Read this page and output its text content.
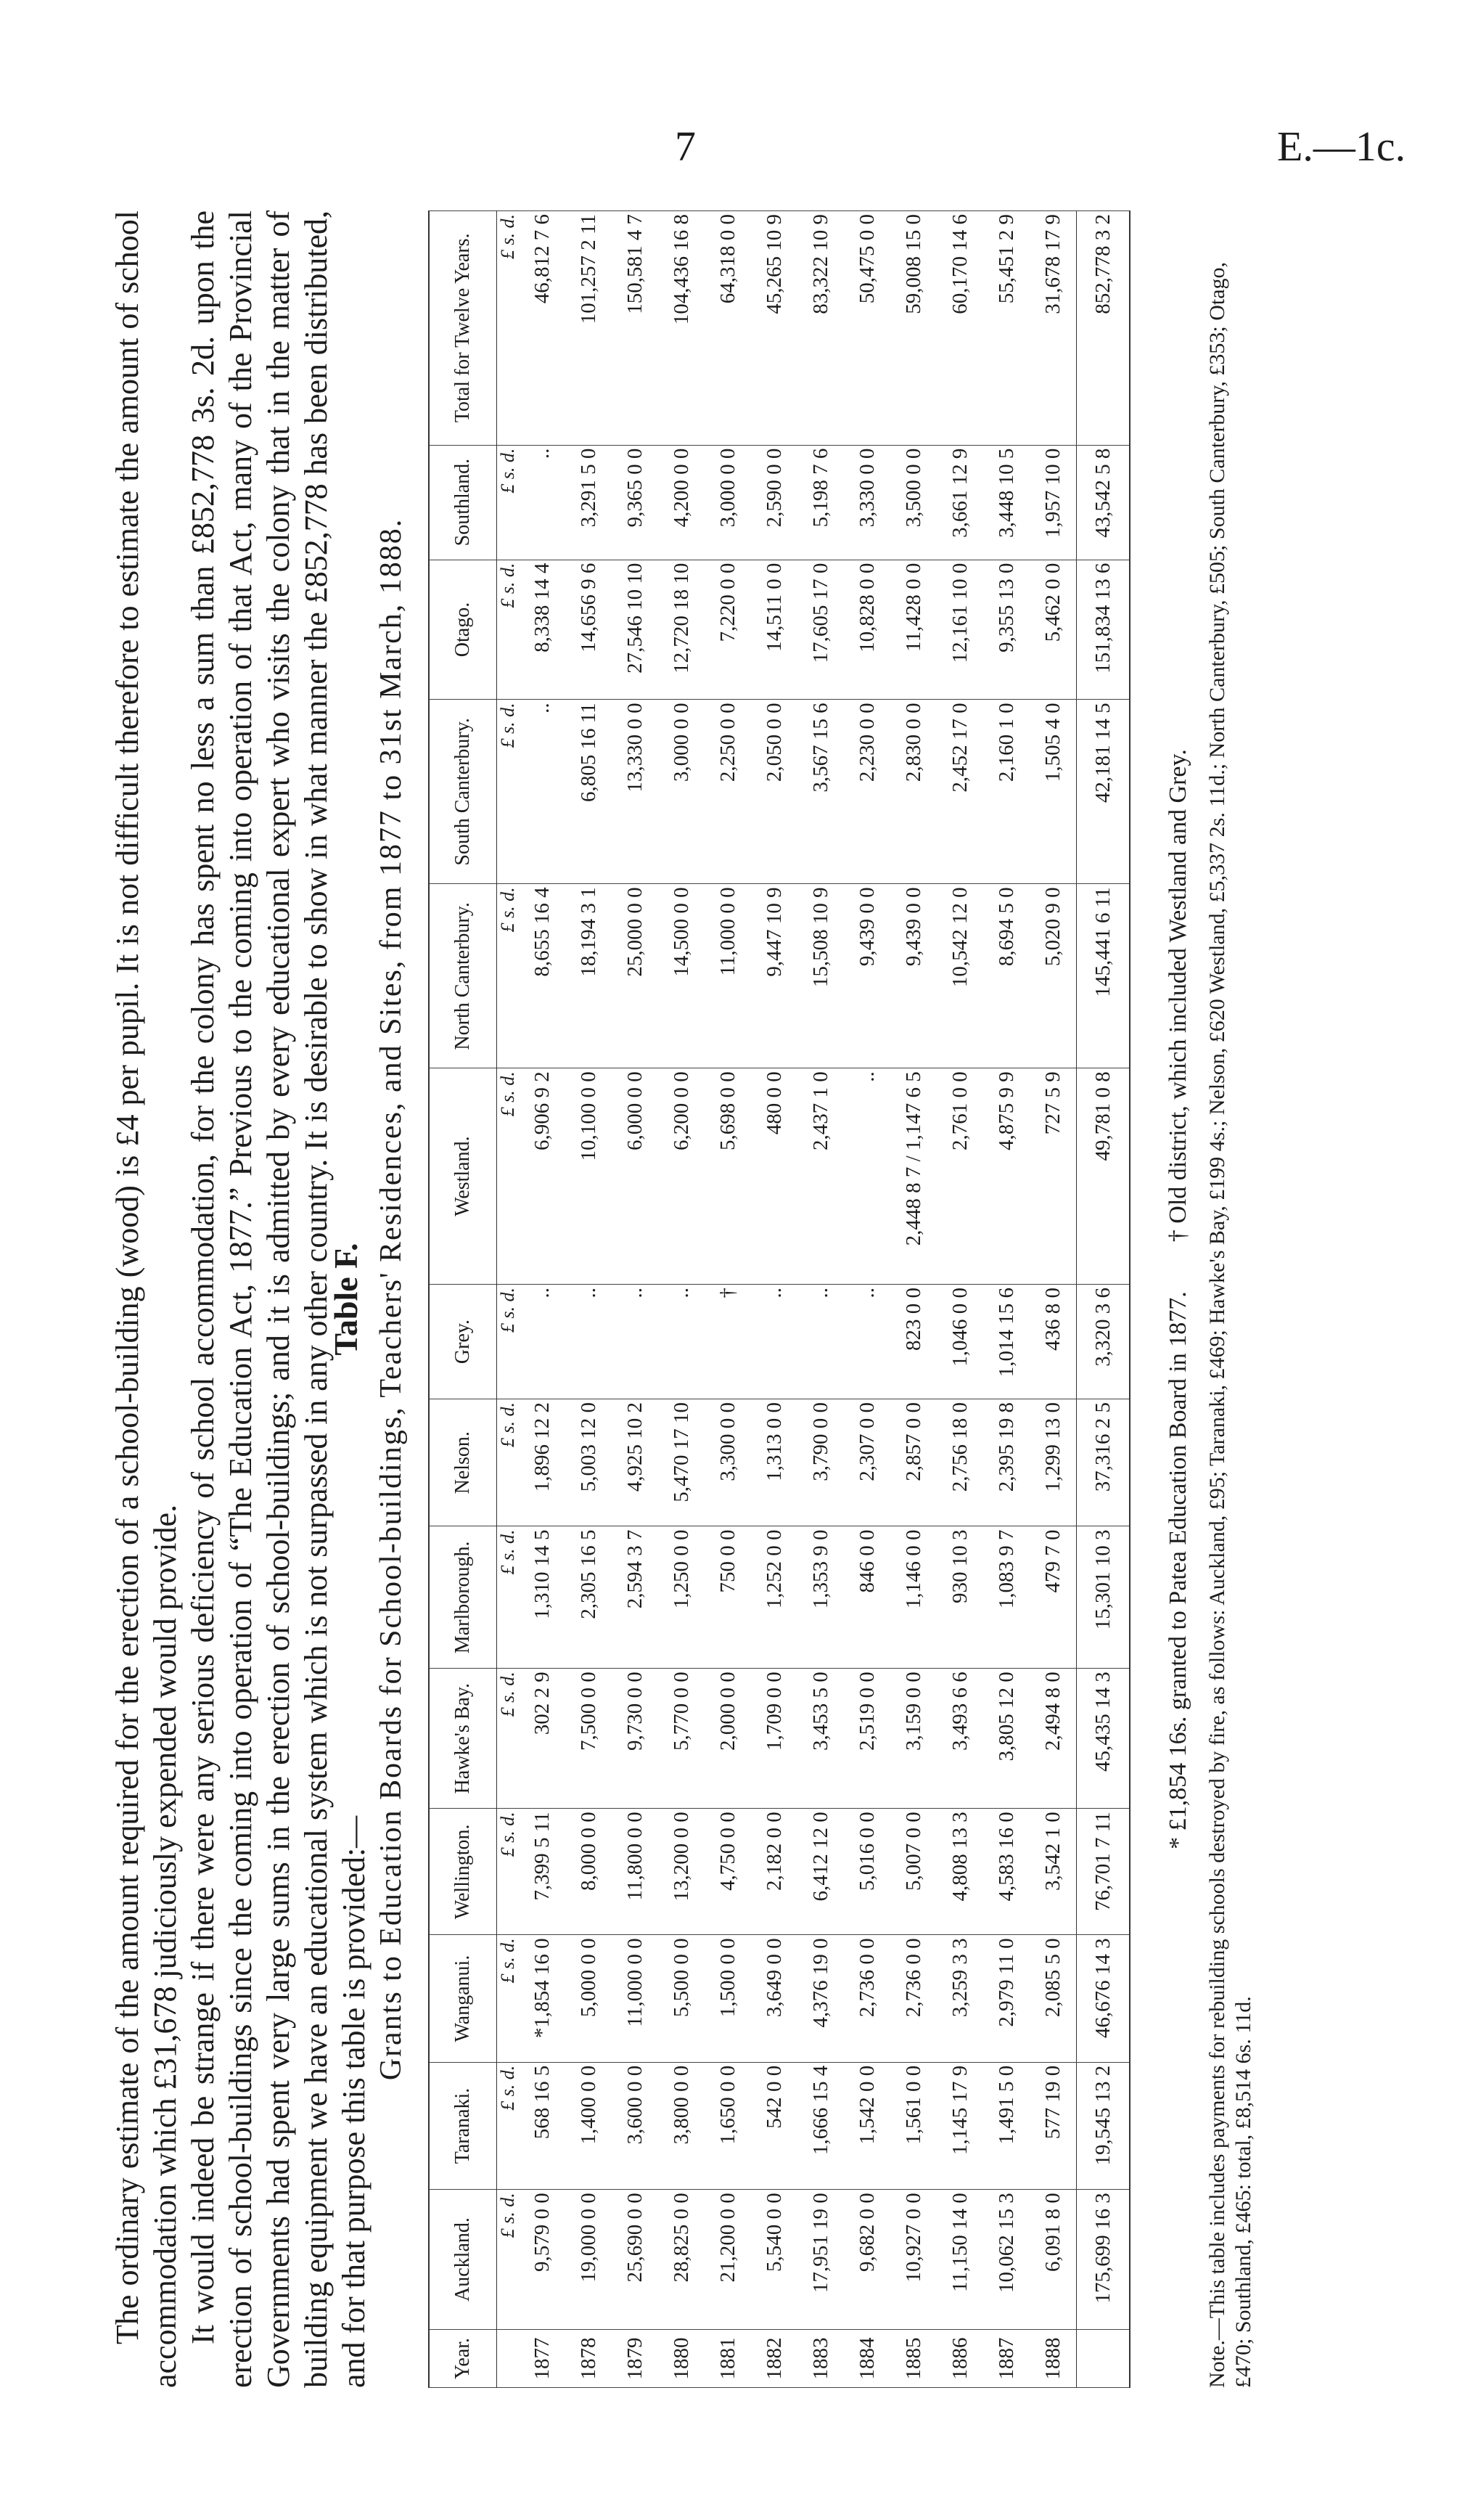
7	E.—1c.
The ordinary estimate of the amount required for the erection of a school-building (wood) is £4 per pupil. It is not difficult therefore to estimate the amount of school accommodation which £31,678 judiciously expended would provide. It would indeed be strange if there were any serious deficiency of school accommodation, for the colony has spent no less a sum than £852,778 3s. 2d. upon the erection of school-buildings since the coming into operation of “The Education Act, 1877.” Previous to the coming into operation of that Act, many of the Provincial Governments had spent very large sums in the erection of school-buildings; and it is admitted by every educational expert who visits the colony that in the matter of building equipment we have an educational system which is not surpassed in any other country. It is desirable to show in what manner the £852,778 has been distributed, and for that purpose this table is provided:—
Table F. Grants to Education Boards for School-buildings, Teachers' Residences, and Sites, from 1877 to 31st March, 1888.
Year.	Auckland.	Taranaki.	Wanganui.	Wellington.	Hawke's Bay.	Marlborough.	Nelson.	Grey.	Westland.	North Canterbury.	South Canterbury.	Otago.	Southland.	Total for Twelve Years.
	£ s. d.	£ s. d.	£ s. d.	£ s. d.	£ s. d.	£ s. d.	£ s. d.	£ s. d.	£ s. d.	£ s. d.	£ s. d.	£ s. d.	£ s. d.	£ s. d.
1877	9,579 0 0	568 16 5	*1,854 16 0	7,399 5 11	302 2 9	1,310 14 5	1,896 12 2	..	6,906 9 2	8,655 16 4	..	8,338 14 4	..	46,812 7 6
1878	19,000 0 0	1,400 0 0	5,000 0 0	8,000 0 0	7,500 0 0	2,305 16 5	5,003 12 0	..	10,100 0 0	18,194 3 1	6,805 16 11	14,656 9 6	3,291 5 0	101,257 2 11
1879	25,690 0 0	3,600 0 0	11,000 0 0	11,800 0 0	9,730 0 0	2,594 3 7	4,925 10 2	..	6,000 0 0	25,000 0 0	13,330 0 0	27,546 10 10	9,365 0 0	150,581 4 7
1880	28,825 0 0	3,800 0 0	5,500 0 0	13,200 0 0	5,770 0 0	1,250 0 0	5,470 17 10	..	6,200 0 0	14,500 0 0	3,000 0 0	12,720 18 10	4,200 0 0	104,436 16 8
1881	21,200 0 0	1,650 0 0	1,500 0 0	4,750 0 0	2,000 0 0	750 0 0	3,300 0 0	†	5,698 0 0	11,000 0 0	2,250 0 0	7,220 0 0	3,000 0 0	64,318 0 0
1882	5,540 0 0	542 0 0	3,649 0 0	2,182 0 0	1,709 0 0	1,252 0 0	1,313 0 0	..	480 0 0	9,447 10 9	2,050 0 0	14,511 0 0	2,590 0 0	45,265 10 9
1883	17,951 19 0	1,666 15 4	4,376 19 0	6,412 12 0	3,453 5 0	1,353 9 0	3,790 0 0	..	2,437 1 0	15,508 10 9	3,567 15 6	17,605 17 0	5,198 7 6	83,322 10 9
1884	9,682 0 0	1,542 0 0	2,736 0 0	5,016 0 0	2,519 0 0	846 0 0	2,307 0 0	..	..	9,439 0 0	2,230 0 0	10,828 0 0	3,330 0 0	50,475 0 0
1885	10,927 0 0	1,561 0 0	2,736 0 0	5,007 0 0	3,159 0 0	1,146 0 0	2,857 0 0	823 0 0	2,448 8 7 / 1,147 6 5	9,439 0 0	2,830 0 0	11,428 0 0	3,500 0 0	59,008 15 0
1886	11,150 14 0	1,145 17 9	3,259 3 3	4,808 13 3	3,493 6 6	930 10 3	2,756 18 0	1,046 0 0	2,761 0 0	10,542 12 0	2,452 17 0	12,161 10 0	3,661 12 9	60,170 14 6
1887	10,062 15 3	1,491 5 0	2,979 11 0	4,583 16 0	3,805 12 0	1,083 9 7	2,395 19 8	1,014 15 6	4,875 9 9	8,694 5 0	2,160 1 0	9,355 13 0	3,448 10 5	55,451 2 9
1888	6,091 8 0	577 19 0	2,085 5 0	3,542 1 0	2,494 8 0	479 7 0	1,299 13 0	436 8 0	727 5 9	5,020 9 0	1,505 4 0	5,462 0 0	1,957 10 0	31,678 17 9
	175,699 16 3	19,545 13 2	46,676 14 3	76,701 7 11	45,435 14 3	15,301 10 3	37,316 2 5	3,320 3 6	49,781 0 8	145,441 6 11	42,181 14 5	151,834 13 6	43,542 5 8	852,778 3 2
* £1,854 16s. granted to Patea Education Board in 1877.        † Old district, which included Westland and Grey. Note.—This table includes payments for rebuilding schools destroyed by fire, as follows: Auckland, £95; Taranaki, £469; Hawke's Bay, £199 4s.; Nelson, £620 Westland, £5,337 2s. 11d.; North Canterbury, £505; South Canterbury, £353; Otago, £470; Southland, £465: total, £8,514 6s. 11d.
